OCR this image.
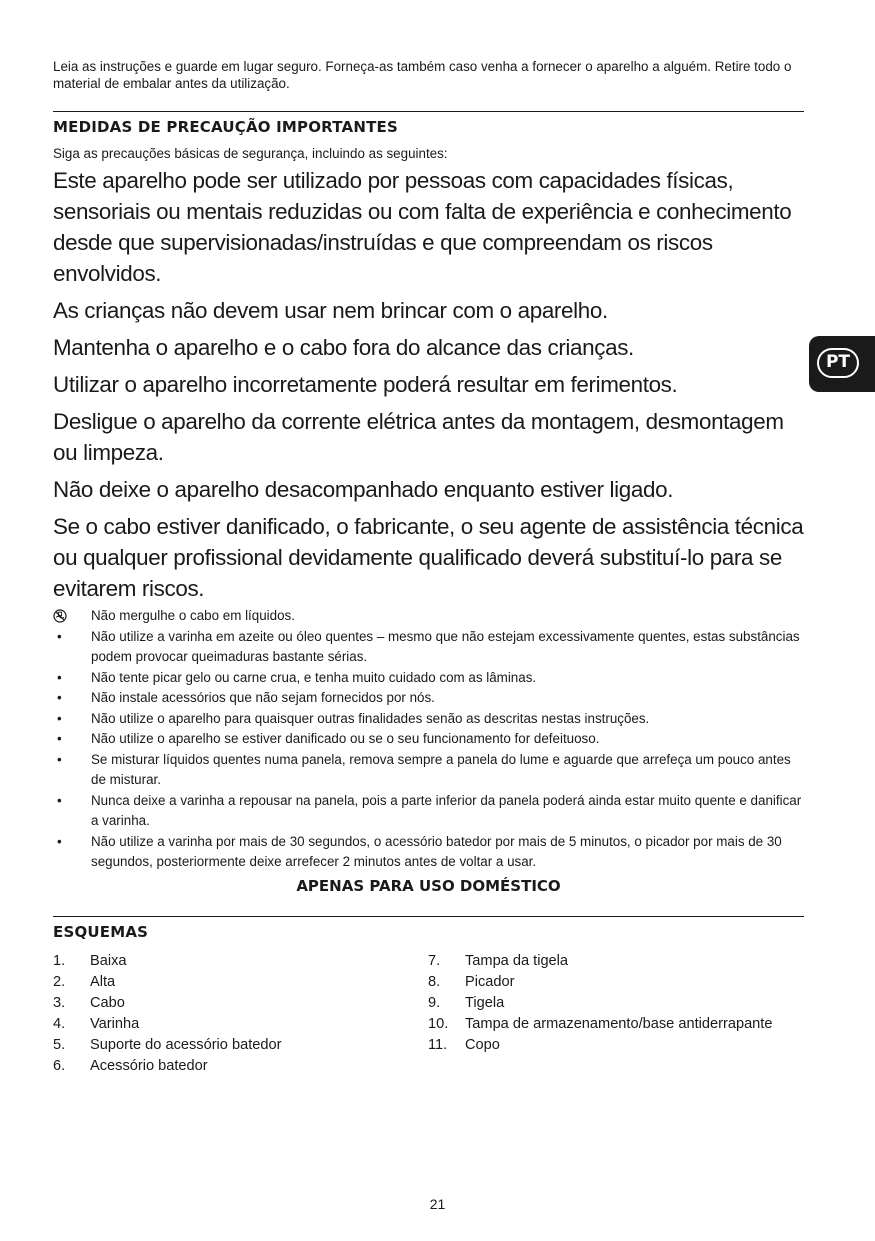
Leia as instruções e guarde em lugar seguro. Forneça-as também caso venha a fornecer o aparelho a alguém. Retire todo o material de embalar antes da utilização.

MEDIDAS DE PRECAUÇÃO IMPORTANTES

Siga as precauções básicas de segurança, incluindo as seguintes:

Este aparelho pode ser utilizado por pessoas com capacidades físicas, sensoriais ou mentais reduzidas ou com falta de experiência e conhecimento desde que supervisionadas/instruídas e que compreendam os riscos envolvidos.
As crianças não devem usar nem brincar com o aparelho.
Mantenha o aparelho e o cabo fora do alcance das crianças.
Utilizar o aparelho incorretamente poderá resultar em ferimentos.
Desligue o aparelho da corrente elétrica antes da montagem, desmontagem ou limpeza.
Não deixe o aparelho desacompanhado enquanto estiver ligado.
Se o cabo estiver danificado, o fabricante, o seu agente de assistência técnica ou qualquer profissional devidamente qualificado deverá substituí-lo para se evitarem riscos.
Não mergulhe o cabo em líquidos.
• Não utilize a varinha em azeite ou óleo quentes – mesmo que não estejam excessivamente quentes, estas substâncias podem provocar queimaduras bastante sérias.
• Não tente picar gelo ou carne crua, e tenha muito cuidado com as lâminas.
• Não instale acessórios que não sejam fornecidos por nós.
• Não utilize o aparelho para quaisquer outras finalidades senão as descritas nestas instruções.
• Não utilize o aparelho se estiver danificado ou se o seu funcionamento for defeituoso.
• Se misturar líquidos quentes numa panela, remova sempre a panela do lume e aguarde que arrefeça um pouco antes de misturar.
• Nunca deixe a varinha a repousar na panela, pois a parte inferior da panela poderá ainda estar muito quente e danificar a varinha.
• Não utilize a varinha por mais de 30 segundos, o acessório batedor por mais de 5 minutos, o picador por mais de 30 segundos, posteriormente deixe arrefecer 2 minutos antes de voltar a usar.

APENAS PARA USO DOMÉSTICO

ESQUEMAS
1.	Baixa
2.	Alta
3.	Cabo
4.	Varinha
5.	Suporte do acessório batedor
6.	Acessório batedor
7.	Tampa da tigela
8.	Picador
9.	Tigela
10.	Tampa de armazenamento/base antiderrapante
11.	Copo
PT
21
